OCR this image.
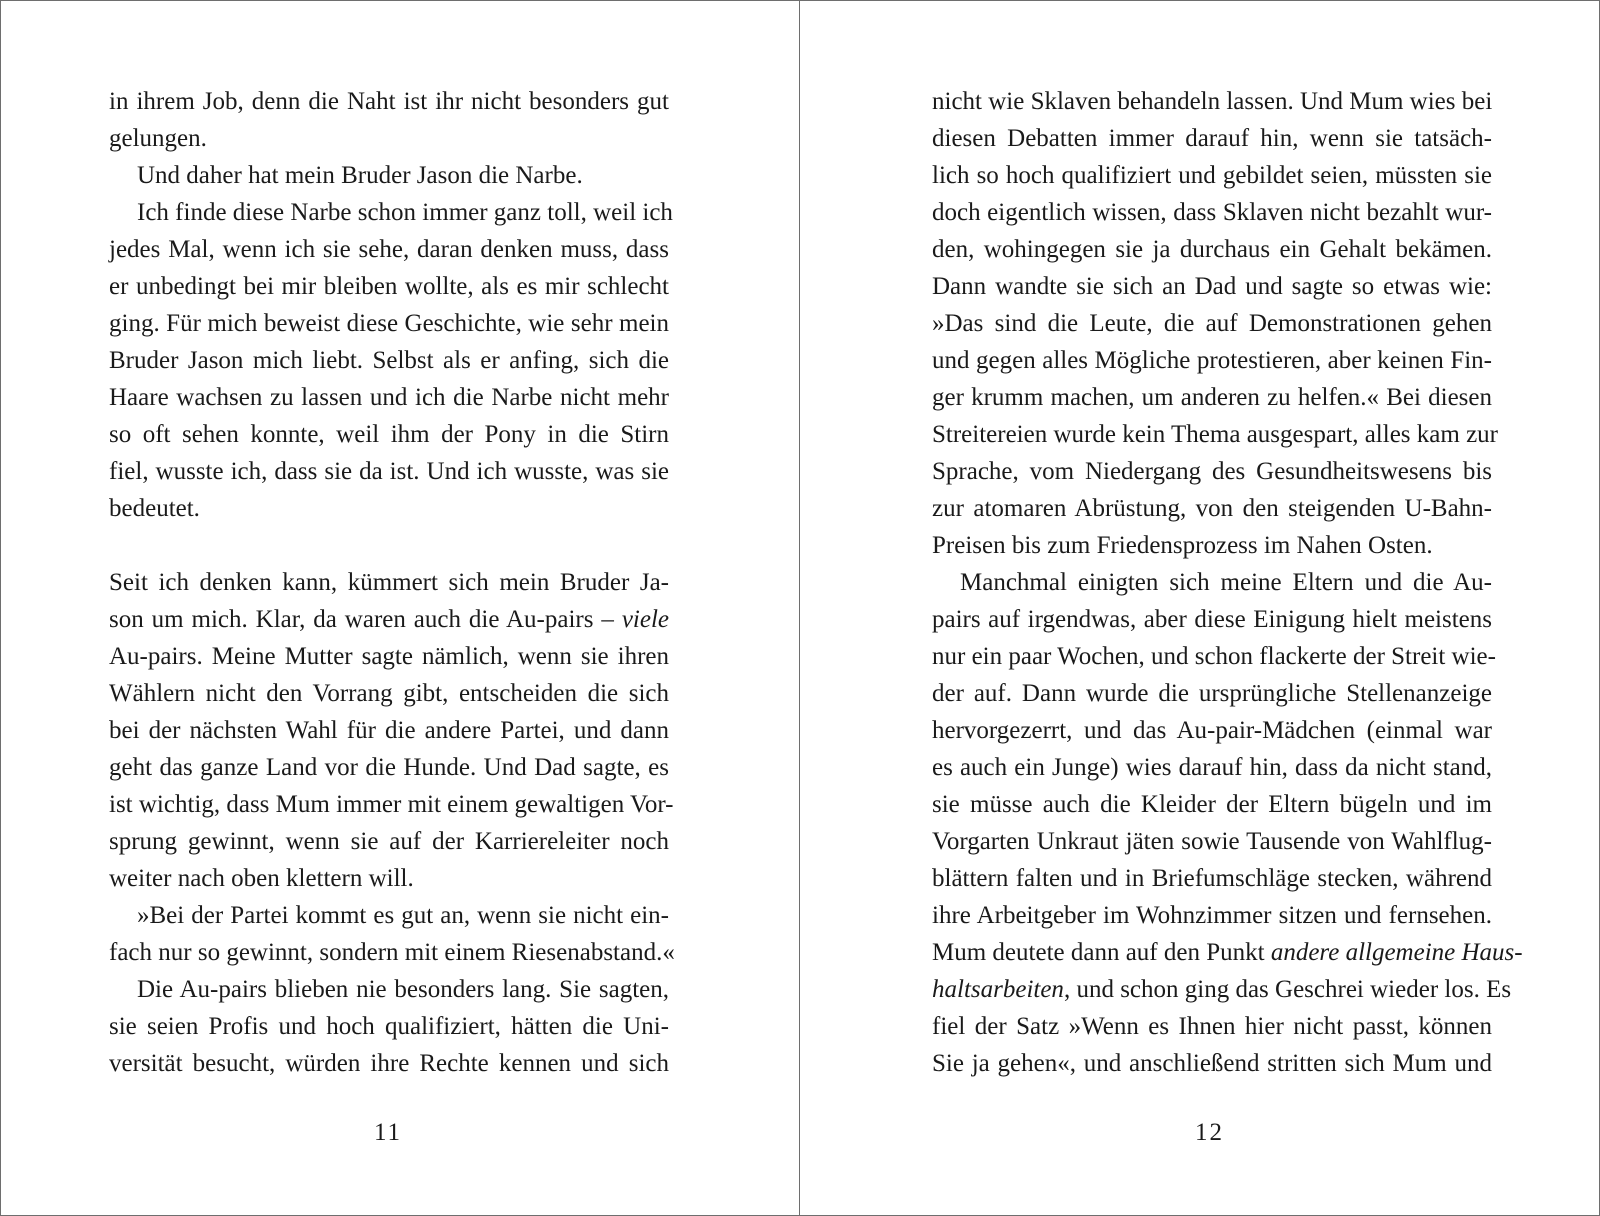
in ihrem Job, denn die Naht ist ihr nicht besonders gut
gelungen.
Und daher hat mein Bruder Jason die Narbe.
Ich finde diese Narbe schon immer ganz toll, weil ich
jedes Mal, wenn ich sie sehe, daran denken muss, dass
er unbedingt bei mir bleiben wollte, als es mir schlecht
ging. Für mich beweist diese Geschichte, wie sehr mein
Bruder Jason mich liebt. Selbst als er anfing, sich die
Haare wachsen zu lassen und ich die Narbe nicht mehr
so oft sehen konnte, weil ihm der Pony in die Stirn
fiel, wusste ich, dass sie da ist. Und ich wusste, was sie
bedeutet.
Seit ich denken kann, kümmert sich mein Bruder Ja-
son um mich. Klar, da waren auch die Au-pairs – viele
Au-pairs. Meine Mutter sagte nämlich, wenn sie ihren
Wählern nicht den Vorrang gibt, entscheiden die sich
bei der nächsten Wahl für die andere Partei, und dann
geht das ganze Land vor die Hunde. Und Dad sagte, es
ist wichtig, dass Mum immer mit einem gewaltigen Vor-
sprung gewinnt, wenn sie auf der Karriereleiter noch
weiter nach oben klettern will.
»Bei der Partei kommt es gut an, wenn sie nicht ein-
fach nur so gewinnt, sondern mit einem Riesenabstand.«
Die Au-pairs blieben nie besonders lang. Sie sagten,
sie seien Profis und hoch qualifiziert, hätten die Uni-
versität besucht, würden ihre Rechte kennen und sich
11
nicht wie Sklaven behandeln lassen. Und Mum wies bei
diesen Debatten immer darauf hin, wenn sie tatsäch-
lich so hoch qualifiziert und gebildet seien, müssten sie
doch eigentlich wissen, dass Sklaven nicht bezahlt wur-
den, wohingegen sie ja durchaus ein Gehalt bekämen.
Dann wandte sie sich an Dad und sagte so etwas wie:
»Das sind die Leute, die auf Demonstrationen gehen
und gegen alles Mögliche protestieren, aber keinen Fin-
ger krumm machen, um anderen zu helfen.« Bei diesen
Streitereien wurde kein Thema ausgespart, alles kam zur
Sprache, vom Niedergang des Gesundheitswesens bis
zur atomaren Abrüstung, von den steigenden U-Bahn-
Preisen bis zum Friedensprozess im Nahen Osten.
Manchmal einigten sich meine Eltern und die Au-
pairs auf irgendwas, aber diese Einigung hielt meistens
nur ein paar Wochen, und schon flackerte der Streit wie-
der auf. Dann wurde die ursprüngliche Stellenanzeige
hervorgezerrt, und das Au-pair-Mädchen (einmal war
es auch ein Junge) wies darauf hin, dass da nicht stand,
sie müsse auch die Kleider der Eltern bügeln und im
Vorgarten Unkraut jäten sowie Tausende von Wahlflug-
blättern falten und in Briefumschläge stecken, während
ihre Arbeitgeber im Wohnzimmer sitzen und fernsehen.
Mum deutete dann auf den Punkt andere allgemeine Haus-
haltsarbeiten, und schon ging das Geschrei wieder los. Es
fiel der Satz »Wenn es Ihnen hier nicht passt, können
Sie ja gehen«, und anschließend stritten sich Mum und
12
